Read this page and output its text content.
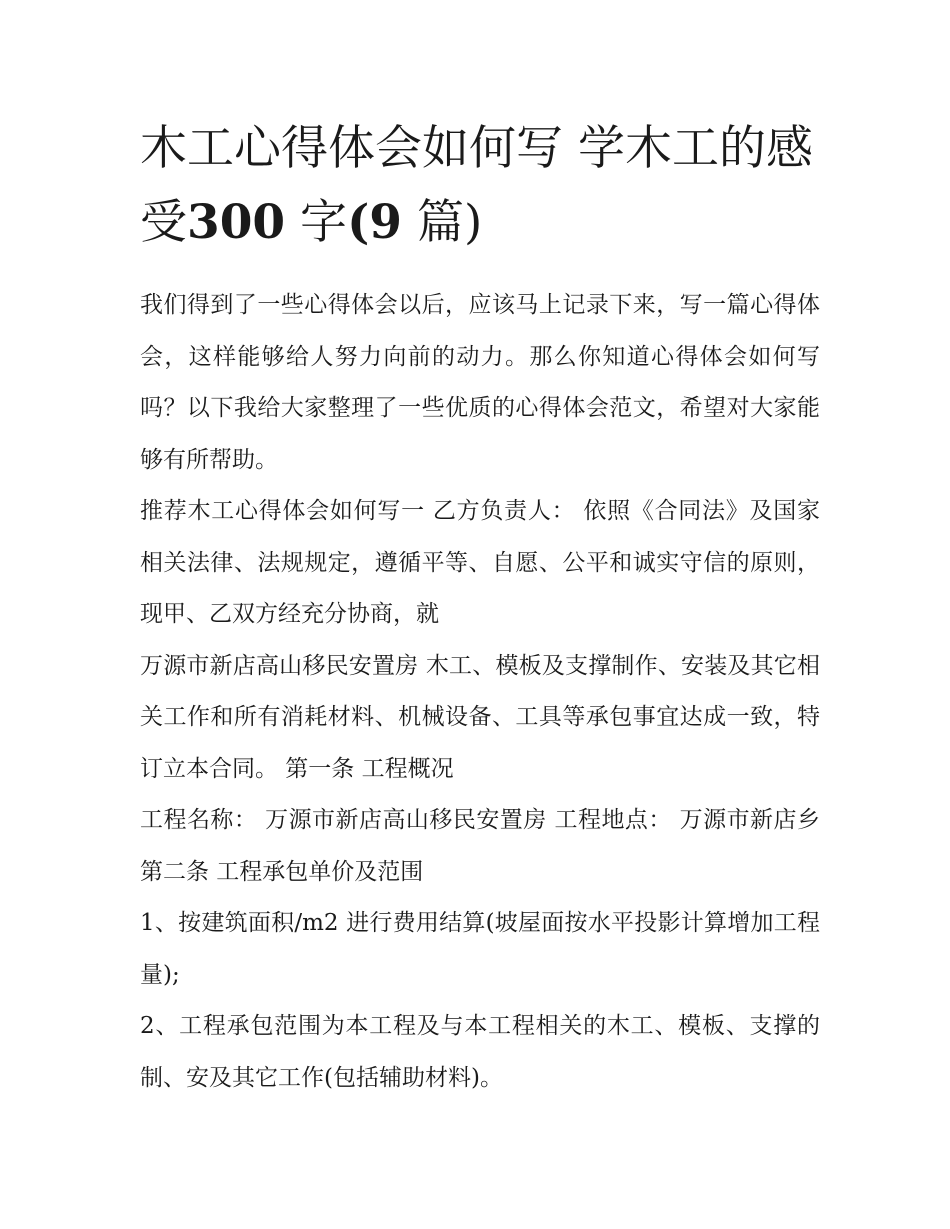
木工心得体会如何写 学木工的感受300 字(9 篇)

我们得到了一些心得体会以后，应该马上记录下来，写一篇心得体会，这样能够给人努力向前的动力。那么你知道心得体会如何写吗？以下我给大家整理了一些优质的心得体会范文，希望对大家能够有所帮助。

推荐木工心得体会如何写一 乙方负责人： 依照《合同法》及国家相关法律、法规规定，遵循平等、自愿、公平和诚实守信的原则，现甲、乙双方经充分协商，就

万源市新店高山移民安置房 木工、模板及支撑制作、安装及其它相关工作和所有消耗材料、机械设备、工具等承包事宜达成一致，特订立本合同。 第一条 工程概况

工程名称： 万源市新店高山移民安置房 工程地点： 万源市新店乡 第二条 工程承包单价及范围

1、按建筑面积/m2 进行费用结算(坡屋面按水平投影计算增加工程量);

2、工程承包范围为本工程及与本工程相关的木工、模板、支撑的制、安及其它工作(包括辅助材料)。
